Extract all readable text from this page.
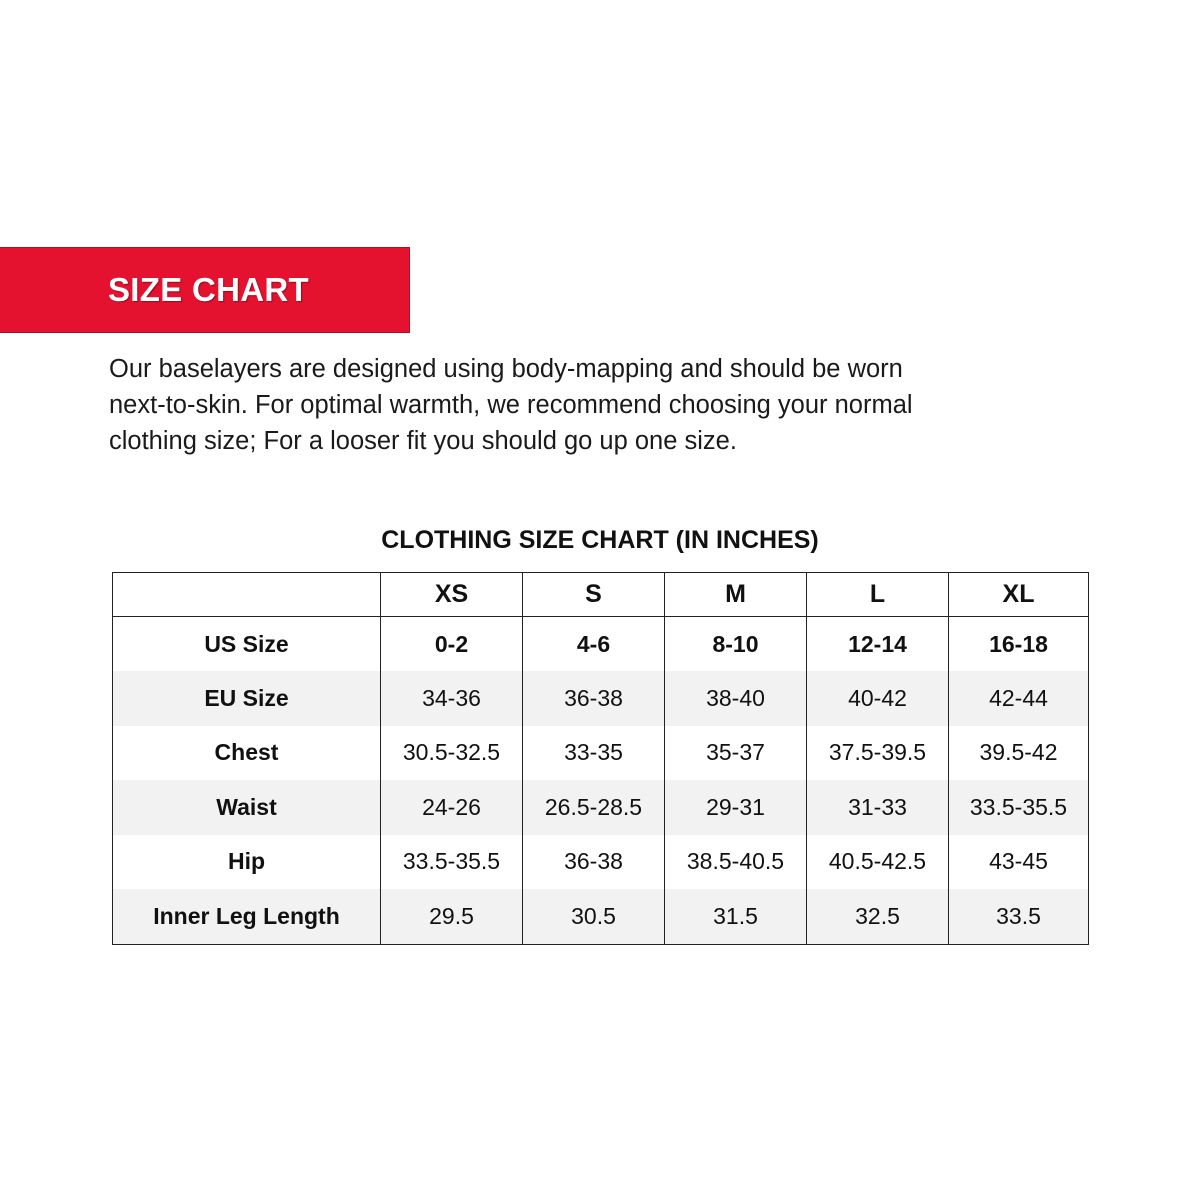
SIZE CHART

Our baselayers are designed using body-mapping and should be worn
next-to-skin. For optimal warmth, we recommend choosing your normal
clothing size; For a looser fit you should go up one size.

CLOTHING SIZE CHART (IN INCHES)
	XS	S	M	L	XL
US Size	0-2	4-6	8-10	12-14	16-18
EU Size	34-36	36-38	38-40	40-42	42-44
Chest	30.5-32.5	33-35	35-37	37.5-39.5	39.5-42
Waist	24-26	26.5-28.5	29-31	31-33	33.5-35.5
Hip	33.5-35.5	36-38	38.5-40.5	40.5-42.5	43-45
Inner Leg Length	29.5	30.5	31.5	32.5	33.5
